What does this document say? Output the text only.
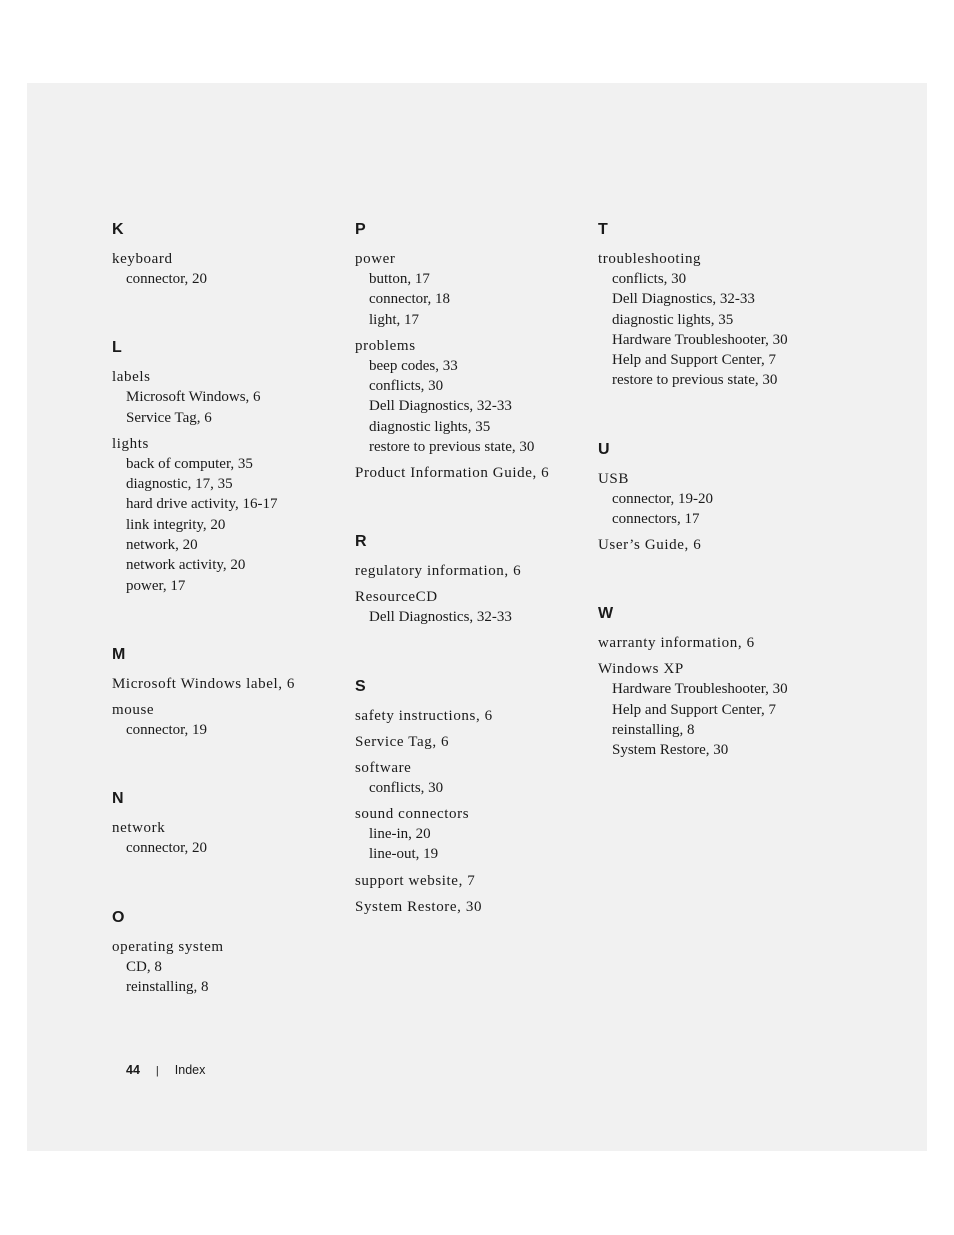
K
keyboard
connector, 20
L
labels
Microsoft Windows, 6
Service Tag, 6
lights
back of computer, 35
diagnostic, 17, 35
hard drive activity, 16-17
link integrity, 20
network, 20
network activity, 20
power, 17
M
Microsoft Windows label, 6
mouse
connector, 19
N
network
connector, 20
O
operating system
CD, 8
reinstalling, 8
P
power
button, 17
connector, 18
light, 17
problems
beep codes, 33
conflicts, 30
Dell Diagnostics, 32-33
diagnostic lights, 35
restore to previous state, 30
Product Information Guide, 6
R
regulatory information, 6
ResourceCD
Dell Diagnostics, 32-33
S
safety instructions, 6
Service Tag, 6
software
conflicts, 30
sound connectors
line-in, 20
line-out, 19
support website, 7
System Restore, 30
T
troubleshooting
conflicts, 30
Dell Diagnostics, 32-33
diagnostic lights, 35
Hardware Troubleshooter, 30
Help and Support Center, 7
restore to previous state, 30
U
USB
connector, 19-20
connectors, 17
User’s Guide, 6
W
warranty information, 6
Windows XP
Hardware Troubleshooter, 30
Help and Support Center, 7
reinstalling, 8
System Restore, 30
44 | Index
